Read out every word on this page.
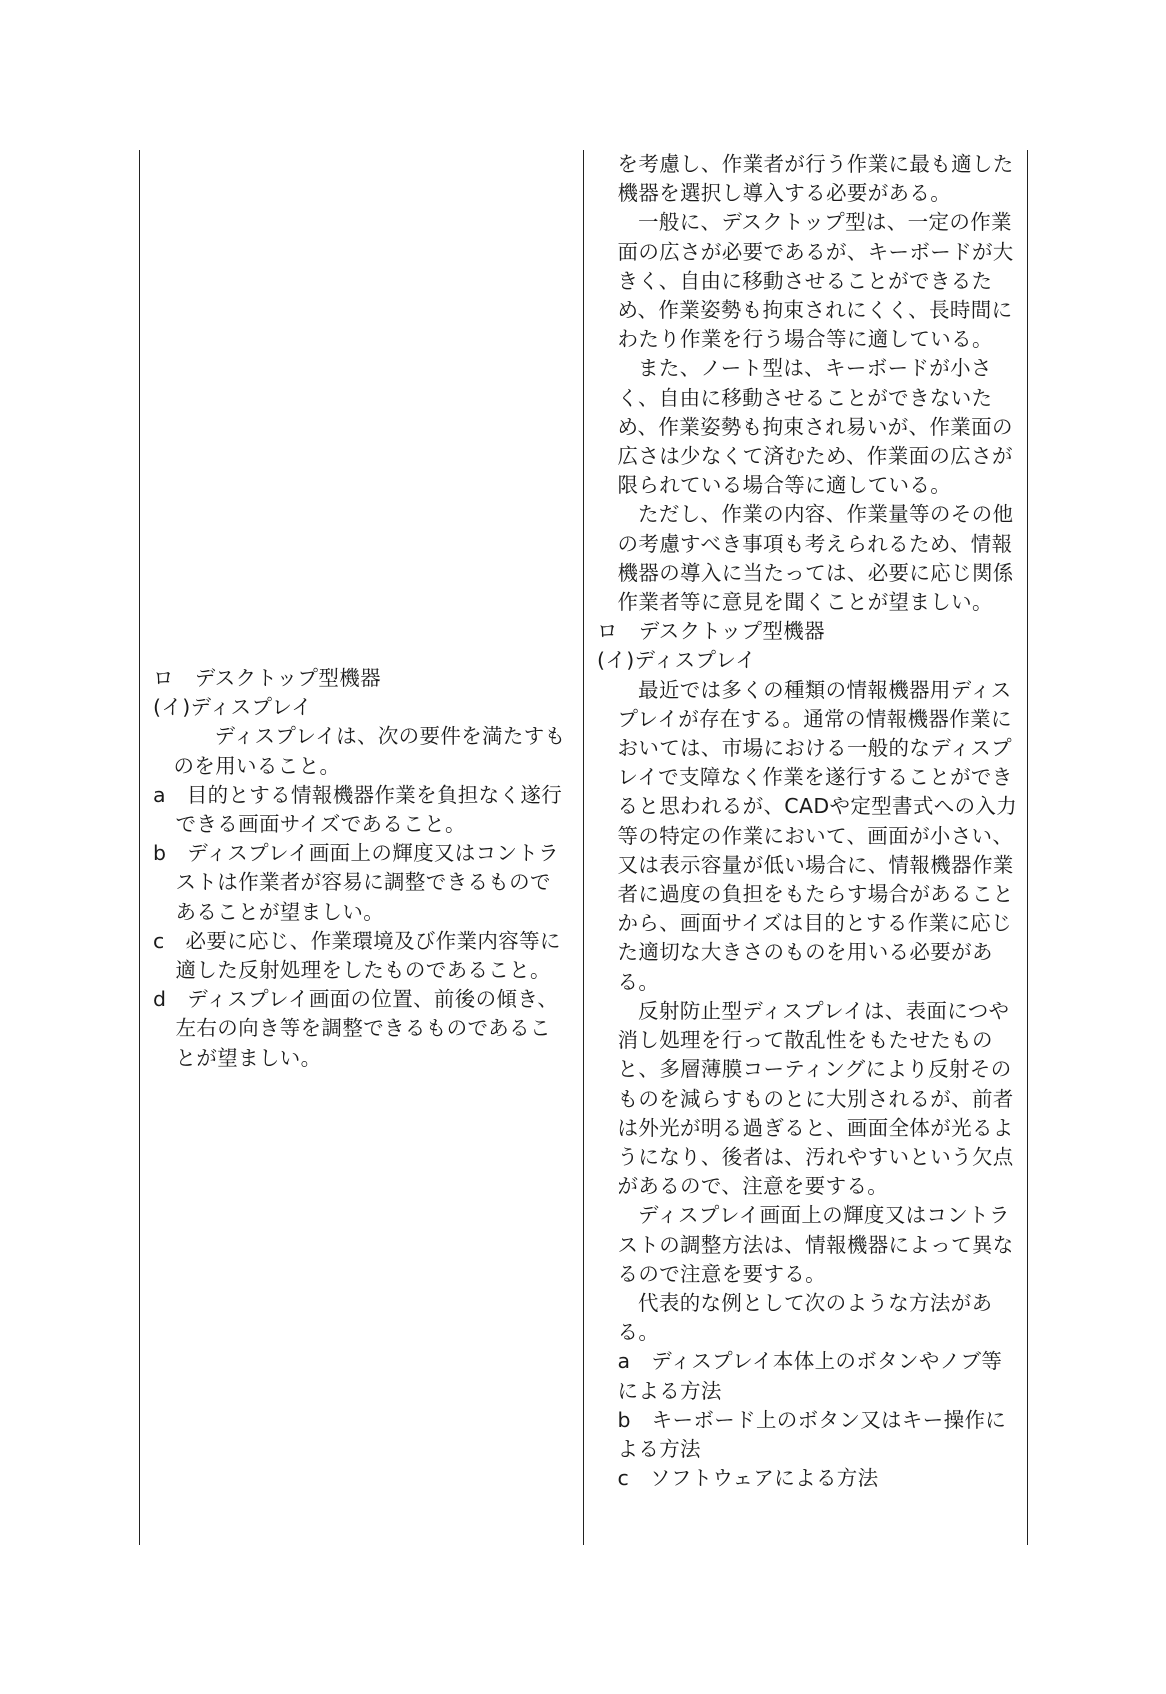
ロ　デスクトップ型機器

(イ)ディスプレイ

ディスプレイは、次の要件を満たすものを用いること。

a　目的とする情報機器作業を負担なく遂行できる画面サイズであること。

b　ディスプレイ画面上の輝度又はコントラストは作業者が容易に調整できるものであることが望ましい。

c　必要に応じ、作業環境及び作業内容等に適した反射処理をしたものであること。

d　ディスプレイ画面の位置、前後の傾き、左右の向き等を調整できるものであることが望ましい。

を考慮し、作業者が行う作業に最も適した機器を選択し導入する必要がある。

一般に、デスクトップ型は、一定の作業面の広さが必要であるが、キーボードが大きく、自由に移動させることができるため、作業姿勢も拘束されにくく、長時間にわたり作業を行う場合等に適している。

また、ノート型は、キーボードが小さく、自由に移動させることができないため、作業姿勢も拘束され易いが、作業面の広さは少なくて済むため、作業面の広さが限られている場合等に適している。

ただし、作業の内容、作業量等のその他の考慮すべき事項も考えられるため、情報機器の導入に当たっては、必要に応じ関係作業者等に意見を聞くことが望ましい。

ロ　デスクトップ型機器

(イ)ディスプレイ

最近では多くの種類の情報機器用ディスプレイが存在する。通常の情報機器作業においては、市場における一般的なディスプレイで支障なく作業を遂行することができると思われるが、CADや定型書式への入力等の特定の作業において、画面が小さい、又は表示容量が低い場合に、情報機器作業者に過度の負担をもたらす場合があることから、画面サイズは目的とする作業に応じた適切な大きさのものを用いる必要がある。

反射防止型ディスプレイは、表面につや消し処理を行って散乱性をもたせたものと、多層薄膜コーティングにより反射そのものを減らすものとに大別されるが、前者は外光が明る過ぎると、画面全体が光るようになり、後者は、汚れやすいという欠点があるので、注意を要する。

ディスプレイ画面上の輝度又はコントラストの調整方法は、情報機器によって異なるので注意を要する。

代表的な例として次のような方法がある。

a　ディスプレイ本体上のボタンやノブ等による方法

b　キーボード上のボタン又はキー操作による方法

c　ソフトウェアによる方法
